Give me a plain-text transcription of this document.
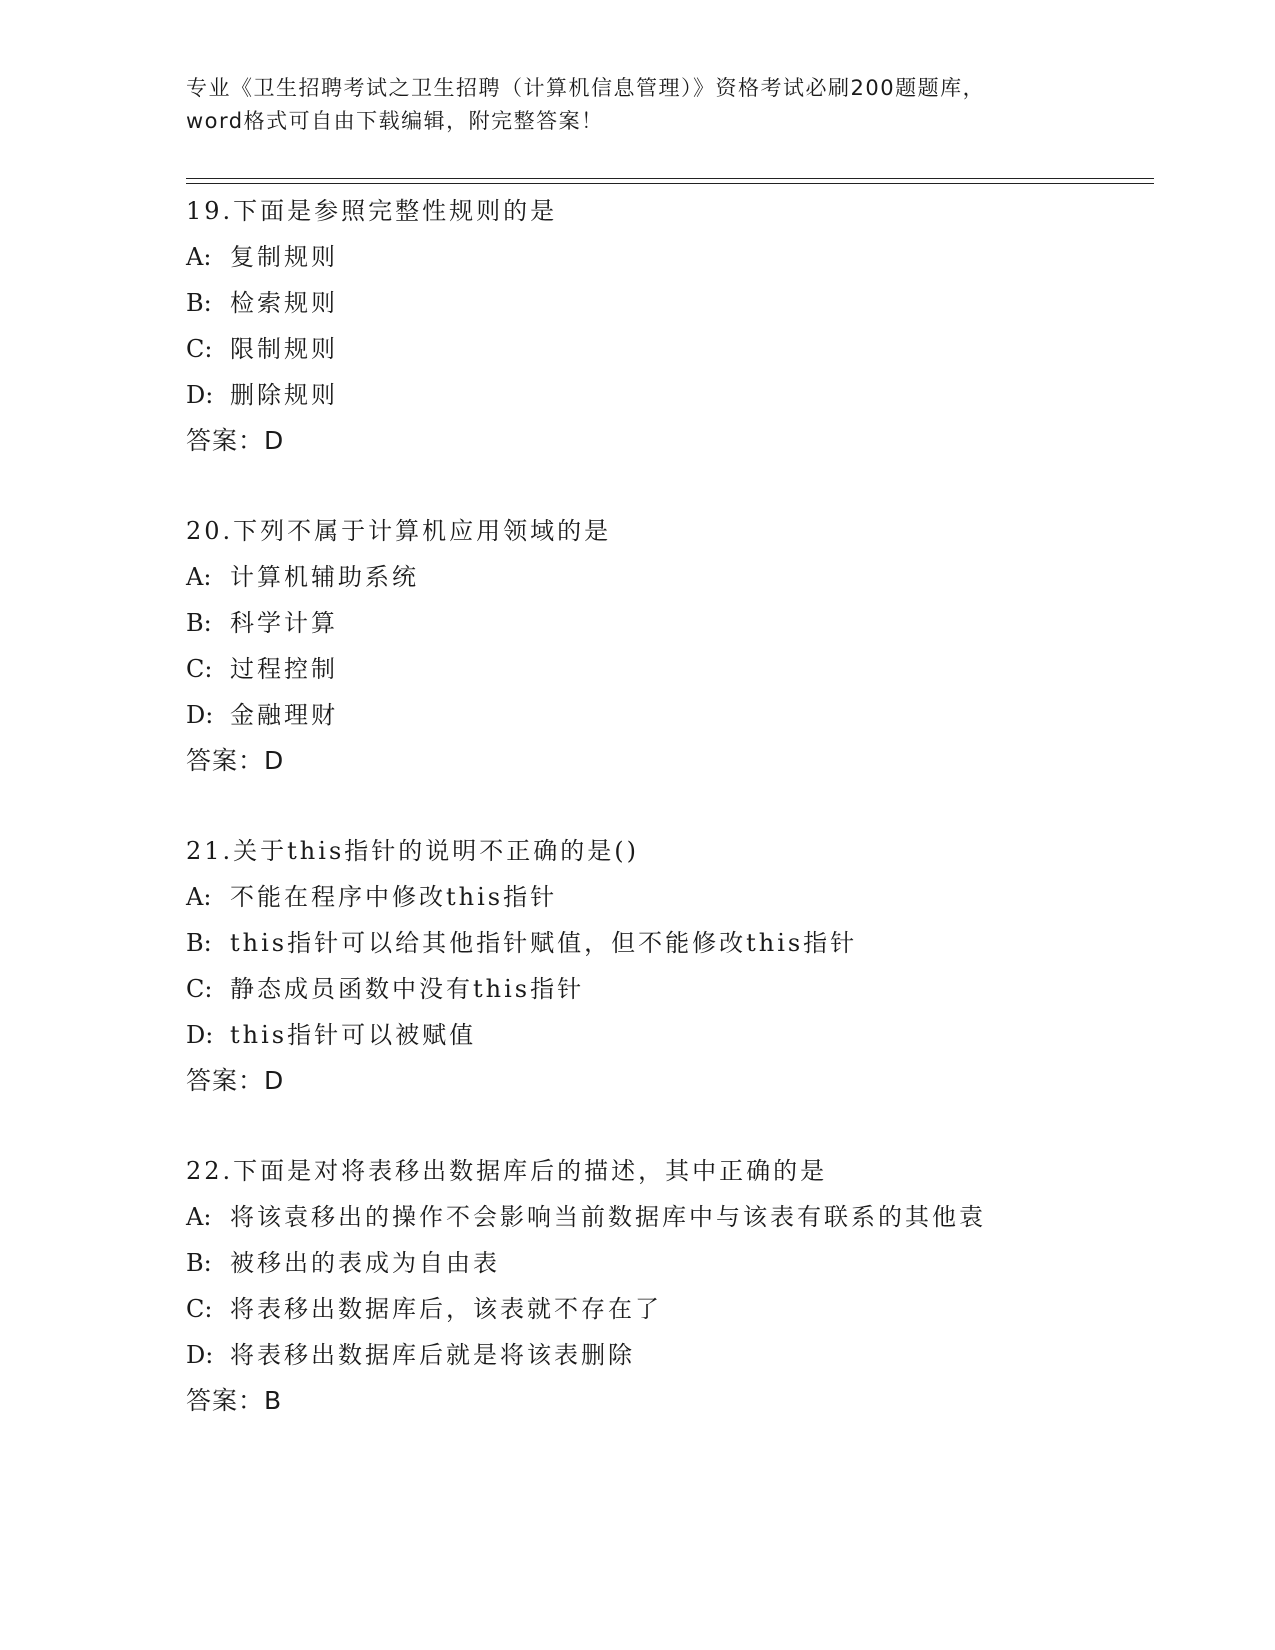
专业《卫生招聘考试之卫生招聘（计算机信息管理）》资格考试必刷200题题库，
word格式可自由下载编辑，附完整答案！
19.下面是参照完整性规则的是
A: 复制规则
B: 检索规则
C: 限制规则
D: 删除规则
答案：D
20.下列不属于计算机应用领域的是
A: 计算机辅助系统
B: 科学计算
C: 过程控制
D: 金融理财
答案：D
21.关于this指针的说明不正确的是()
A: 不能在程序中修改this指针
B: this指针可以给其他指针赋值，但不能修改this指针
C: 静态成员函数中没有this指针
D: this指针可以被赋值
答案：D
22.下面是对将表移出数据库后的描述，其中正确的是
A: 将该袁移出的操作不会影响当前数据库中与该表有联系的其他袁
B: 被移出的表成为自由表
C: 将表移出数据库后，该表就不存在了
D: 将表移出数据库后就是将该表删除
答案：B
